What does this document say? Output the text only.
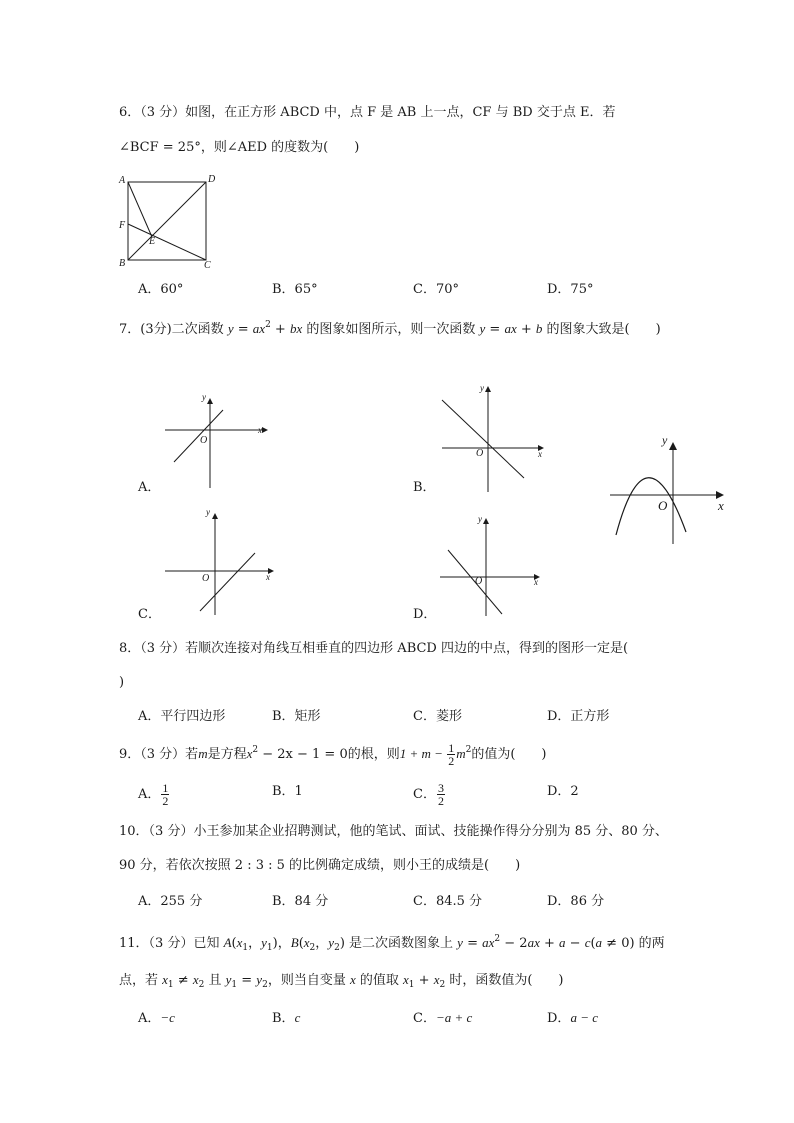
6．（3 分）如图，在正方形 ABCD 中，点 F 是 AB 上一点，CF 与 BD 交于点 E．若
∠BCF = 25°，则∠AED 的度数为(　　)
A	D
F
E
B	C
A．60°	B．65°	C．70°	D．75°
7．(3分)二次函数 $y = ax^2$ + bx 的图象如图所示，则一次函数 y = ax + b 的图象大致是(　　)
y
x
O
A．
y
x
O
B．
y
x
O
y
x
O
C．
y
x
O
D．
8．（3 分）若顺次连接对角线互相垂直的四边形 ABCD 四边的中点，得到的图形一定是(
)
A．平行四边形	B．矩形	C．菱形	D．正方形
9．（3 分）若m是方程$x^2 - 2x - 1 = 0$的根，则$1 + m - \frac{1}{2} m^2$的值为(　　)
A． $\frac{1}{2}$	B．1	C． $\frac{3}{2}$	D．2
10．（3 分）小王参加某企业招聘测试，他的笔试、面试、技能操作得分分别为 85 分、80 分、
90 分，若依次按照 2 : 3 : 5 的比例确定成绩，则小王的成绩是(　　)
A．255 分	B．84 分	C．84.5 分	D．86 分
11．（3 分）已知 $A(x_1$，$y_1$)，$B(x_2$，$y_2$) 是二次函数图象上 $y = ax^2 - 2ax + a - c(a \ne 0)$ 的两
点，若 $x_1 \ne x_2$ 且 $y_1 = y_2$，则当自变量 x 的值取 $x_1 + x_2$ 时，函数值为(　　)
A．−c	B．c	C．−a + c	D．a − c
